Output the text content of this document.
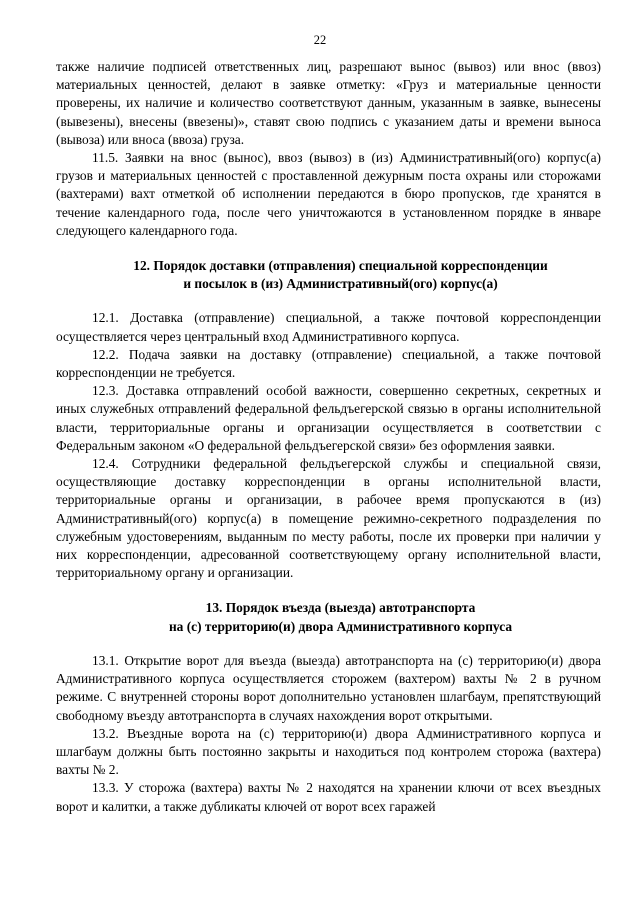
22

также наличие подписей ответственных лиц, разрешают вынос (вывоз) или внос (ввоз) материальных ценностей, делают в заявке отметку: «Груз и материальные ценности проверены, их наличие и количество соответствуют данным, указанным в заявке, вынесены (вывезены), внесены (ввезены)», ставят свою подпись с указанием даты и времени выноса (вывоза) или вноса (ввоза) груза.

11.5. Заявки на внос (вынос), ввоз (вывоз) в (из) Административный(ого) корпус(а) грузов и материальных ценностей с проставленной дежурным поста охраны или сторожами (вахтерами) вахт отметкой об исполнении передаются в бюро пропусков, где хранятся в течение календарного года, после чего уничтожаются в установленном порядке в январе следующего календарного года.

12. Порядок доставки (отправления) специальной корреспонденции
и посылок в (из) Административный(ого) корпус(а)

12.1. Доставка (отправление) специальной, а также почтовой корреспонденции осуществляется через центральный вход Административного корпуса.

12.2. Подача заявки на доставку (отправление) специальной, а также почтовой корреспонденции не требуется.

12.3. Доставка отправлений особой важности, совершенно секретных, секретных и иных служебных отправлений федеральной фельдъегерской связью в органы исполнительной власти, территориальные органы и организации осуществляется в соответствии с Федеральным законом «О федеральной фельдъегерской связи» без оформления заявки.

12.4. Сотрудники федеральной фельдъегерской службы и специальной связи, осуществляющие доставку корреспонденции в органы исполнительной власти, территориальные органы и организации, в рабочее время пропускаются в (из) Административный(ого) корпус(а) в помещение режимно-секретного подразделения по служебным удостоверениям, выданным по месту работы, после их проверки при наличии у них корреспонденции, адресованной соответствующему органу исполнительной власти, территориальному органу и организации.

13. Порядок въезда (выезда) автотранспорта
на (с) территорию(и) двора Административного корпуса

13.1. Открытие ворот для въезда (выезда) автотранспорта на (с) территорию(и) двора Административного корпуса осуществляется сторожем (вахтером) вахты № 2 в ручном режиме. С внутренней стороны ворот дополнительно установлен шлагбаум, препятствующий свободному въезду автотранспорта в случаях нахождения ворот открытыми.

13.2. Въездные ворота на (с) территорию(и) двора Административного корпуса и шлагбаум должны быть постоянно закрыты и находиться под контролем сторожа (вахтера) вахты № 2.

13.3. У сторожа (вахтера) вахты № 2 находятся на хранении ключи от всех въездных ворот и калитки, а также дубликаты ключей от ворот всех гаражей
